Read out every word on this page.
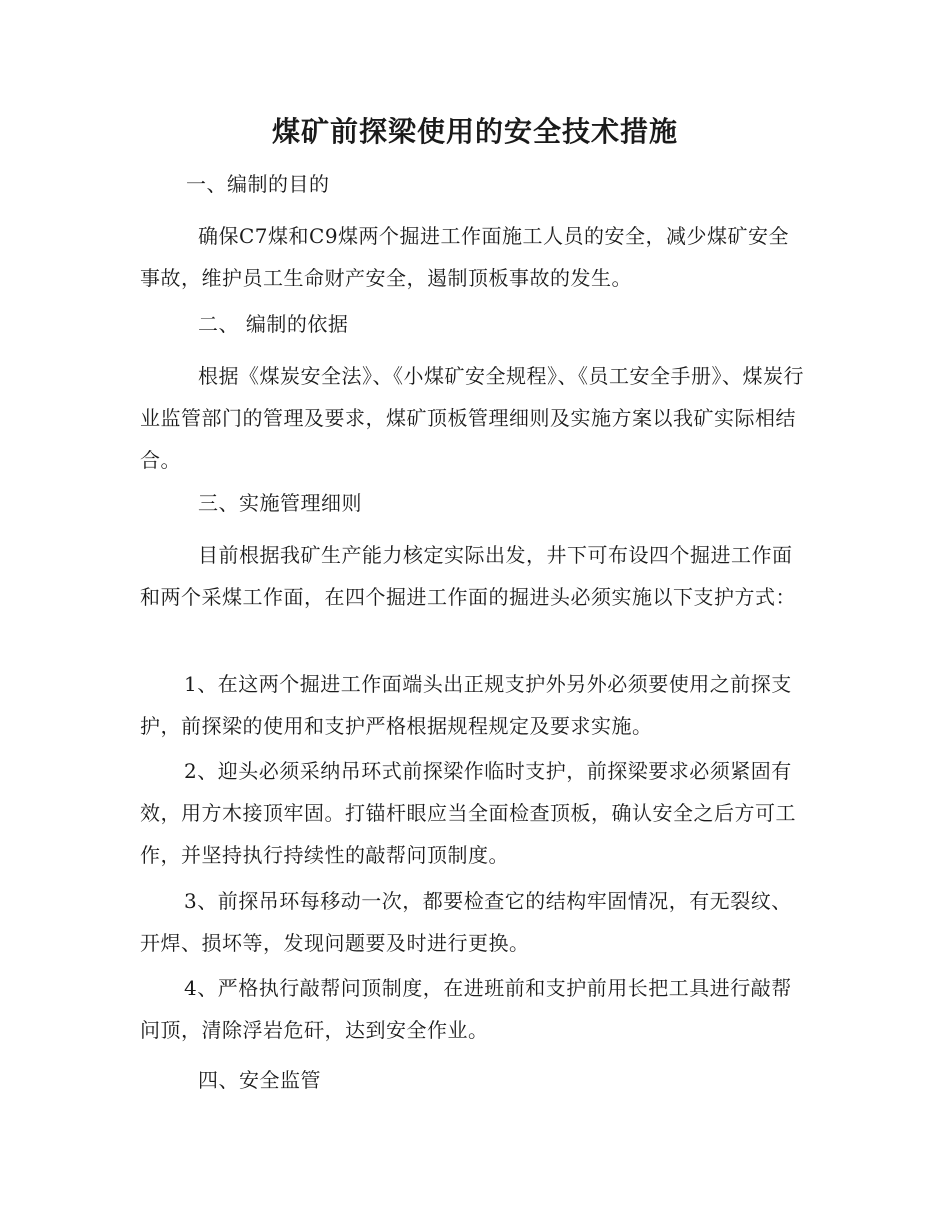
煤矿前探梁使用的安全技术措施

一、编制的目的

确保C7煤和C9煤两个掘进工作面施工人员的安全，减少煤矿安全事故，维护员工生命财产安全，遏制顶板事故的发生。

二、 编制的依据

根据《煤炭安全法》、《小煤矿安全规程》、《员工安全手册》、煤炭行业监管部门的管理及要求，煤矿顶板管理细则及实施方案以我矿实际相结合。

三、实施管理细则

目前根据我矿生产能力核定实际出发，井下可布设四个掘进工作面和两个采煤工作面，在四个掘进工作面的掘进头必须实施以下支护方式：

1、在这两个掘进工作面端头出正规支护外另外必须要使用之前探支护，前探梁的使用和支护严格根据规程规定及要求实施。

2、迎头必须采纳吊环式前探梁作临时支护，前探梁要求必须紧固有效，用方木接顶牢固。打锚杆眼应当全面检查顶板，确认安全之后方可工作，并坚持执行持续性的敲帮问顶制度。

3、前探吊环每移动一次，都要检查它的结构牢固情况，有无裂纹、开焊、损坏等，发现问题要及时进行更换。

4、严格执行敲帮问顶制度，在进班前和支护前用长把工具进行敲帮问顶，清除浮岩危矸，达到安全作业。

四、安全监管
